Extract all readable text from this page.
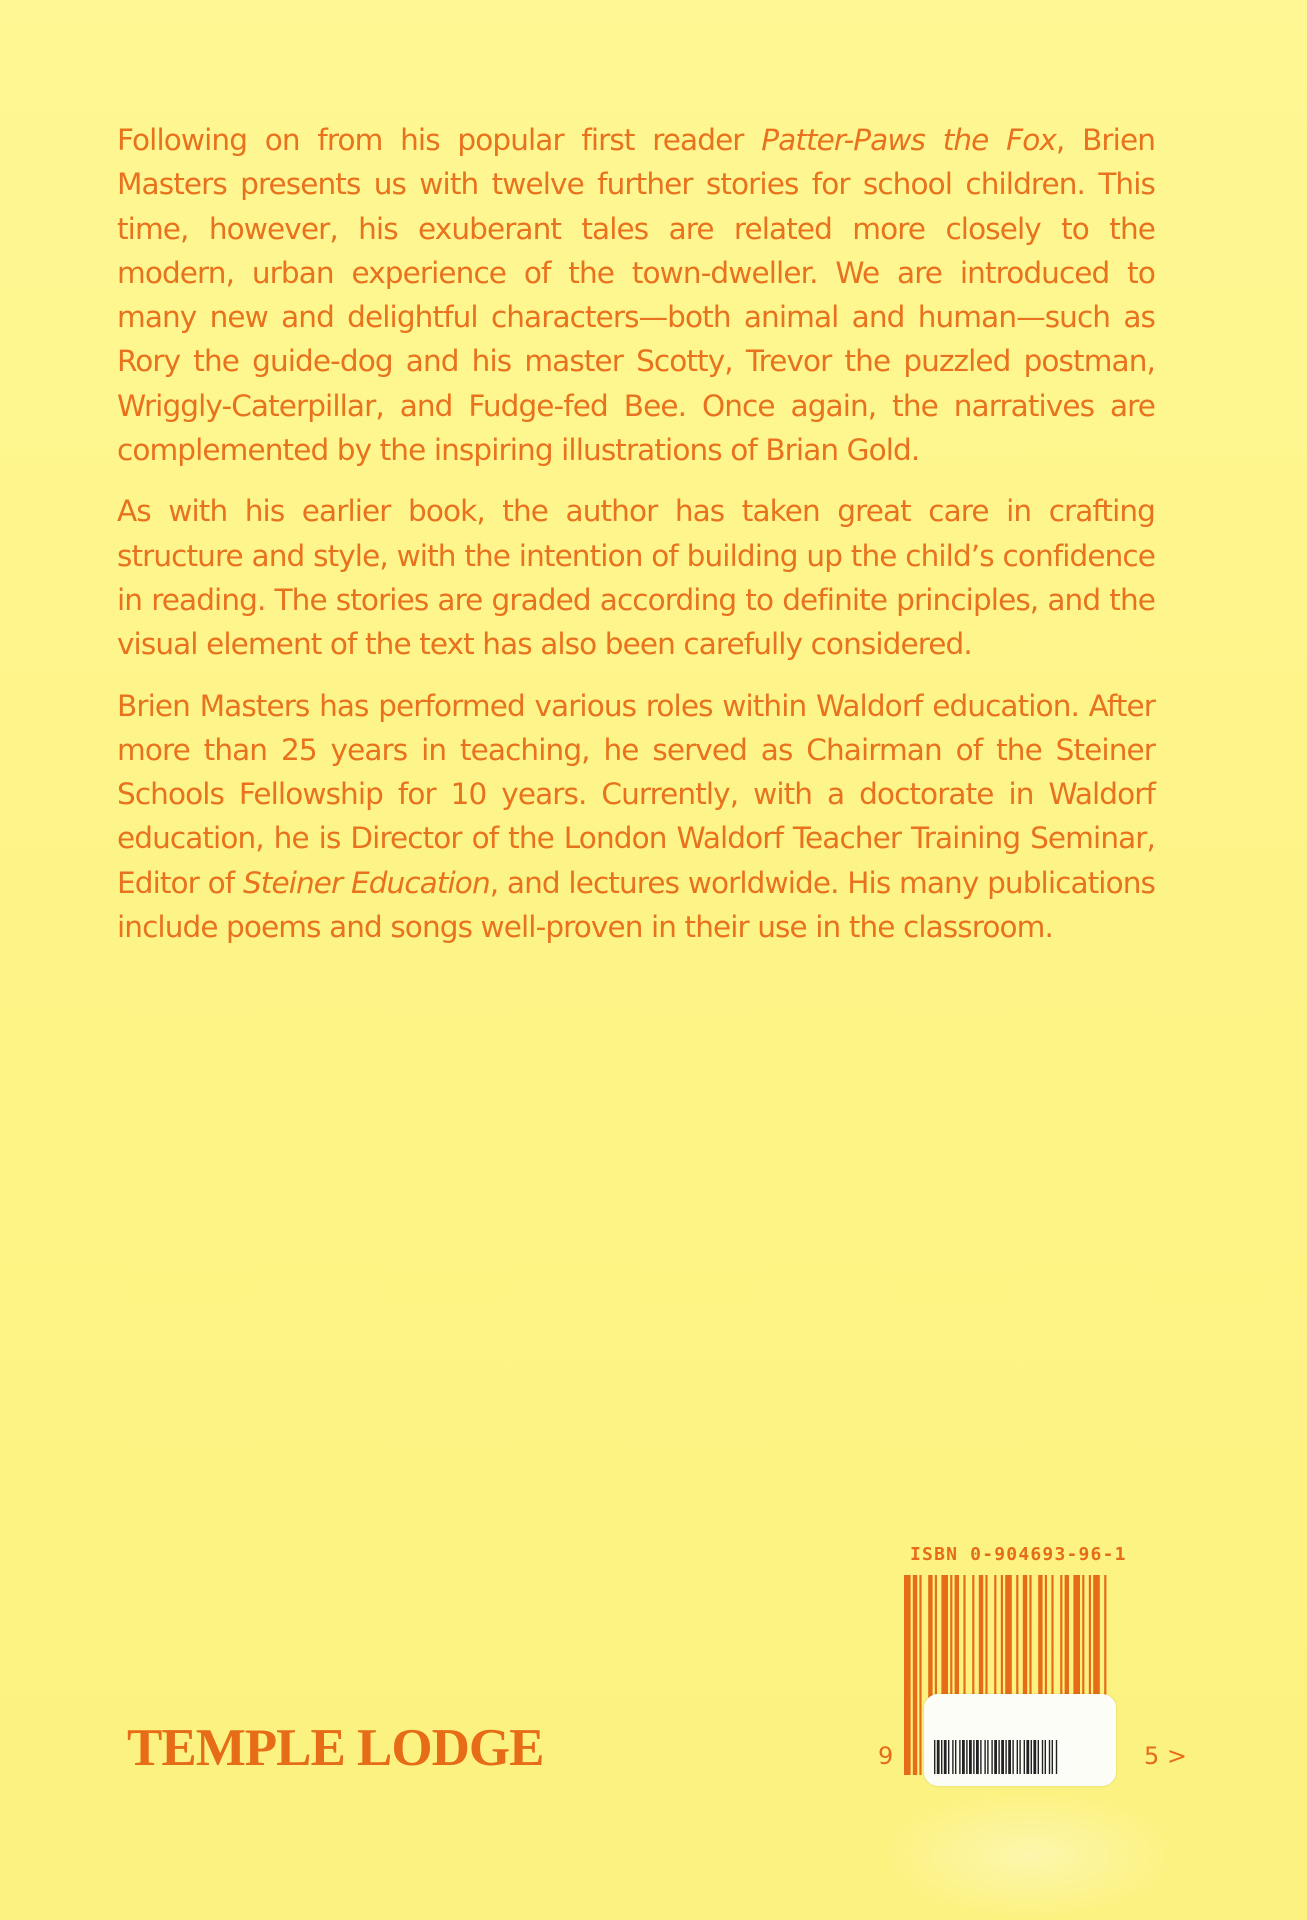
Following on from his popular first reader Patter-Paws the Fox, Brien Masters presents us with twelve further stories for school children. This time, however, his exuberant tales are related more closely to the modern, urban experience of the town-dweller. We are introduced to many new and delightful characters—both animal and human—such as Rory the guide-dog and his master Scotty, Trevor the puzzled postman, Wriggly-Caterpillar, and Fudge-fed Bee. Once again, the narratives are complemented by the inspiring illustrations of Brian Gold.

As with his earlier book, the author has taken great care in crafting structure and style, with the intention of building up the child’s confidence in reading. The stories are graded according to definite principles, and the visual element of the text has also been carefully considered.

Brien Masters has performed various roles within Waldorf education. After more than 25 years in teaching, he served as Chairman of the Steiner Schools Fellowship for 10 years. Currently, with a doctorate in Waldorf education, he is Director of the London Waldorf Teacher Training Seminar, Editor of Steiner Education, and lectures worldwide. His many publications include poems and songs well-proven in their use in the classroom.

TEMPLE LODGE
ISBN 0-904693-96-1
9	5 >
